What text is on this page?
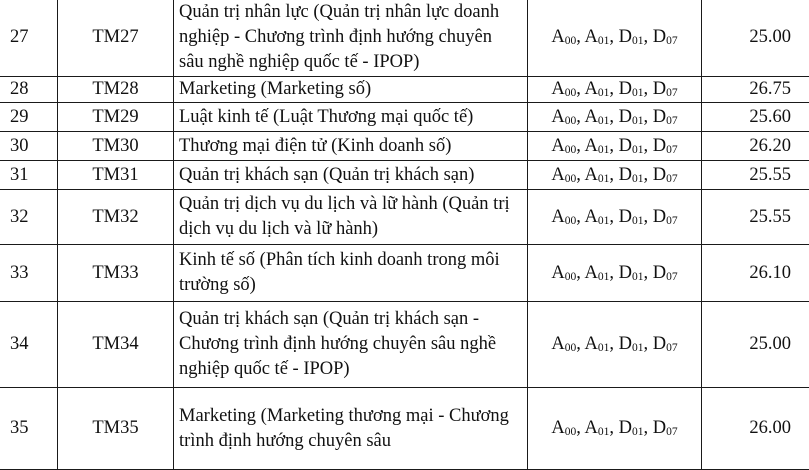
27	TM27	Quản trị nhân lực (Quản trị nhân lực doanh nghiệp - Chương trình định hướng chuyên sâu nghề nghiệp quốc tế - IPOP)	$A_{00}$, $A_{01}$, $D_{01}$, $D_{07}$	25.00
28	TM28	Marketing (Marketing số)	$A_{00}$, $A_{01}$, $D_{01}$, $D_{07}$	26.75
29	TM29	Luật kinh tế (Luật Thương mại quốc tế)	$A_{00}$, $A_{01}$, $D_{01}$, $D_{07}$	25.60
30	TM30	Thương mại điện tử (Kinh doanh số)	$A_{00}$, $A_{01}$, $D_{01}$, $D_{07}$	26.20
31	TM31	Quản trị khách sạn (Quản trị khách sạn)	$A_{00}$, $A_{01}$, $D_{01}$, $D_{07}$	25.55
32	TM32	Quản trị dịch vụ du lịch và lữ hành (Quản trị dịch vụ du lịch và lữ hành)	$A_{00}$, $A_{01}$, $D_{01}$, $D_{07}$	25.55
33	TM33	Kinh tế số (Phân tích kinh doanh trong môi trường số)	$A_{00}$, $A_{01}$, $D_{01}$, $D_{07}$	26.10
34	TM34	Quản trị khách sạn (Quản trị khách sạn - Chương trình định hướng chuyên sâu nghề nghiệp quốc tế - IPOP)	$A_{00}$, $A_{01}$, $D_{01}$, $D_{07}$	25.00
35	TM35	Marketing (Marketing thương mại - Chương trình định hướng chuyên sâu	$A_{00}$, $A_{01}$, $D_{01}$, $D_{07}$	26.00
